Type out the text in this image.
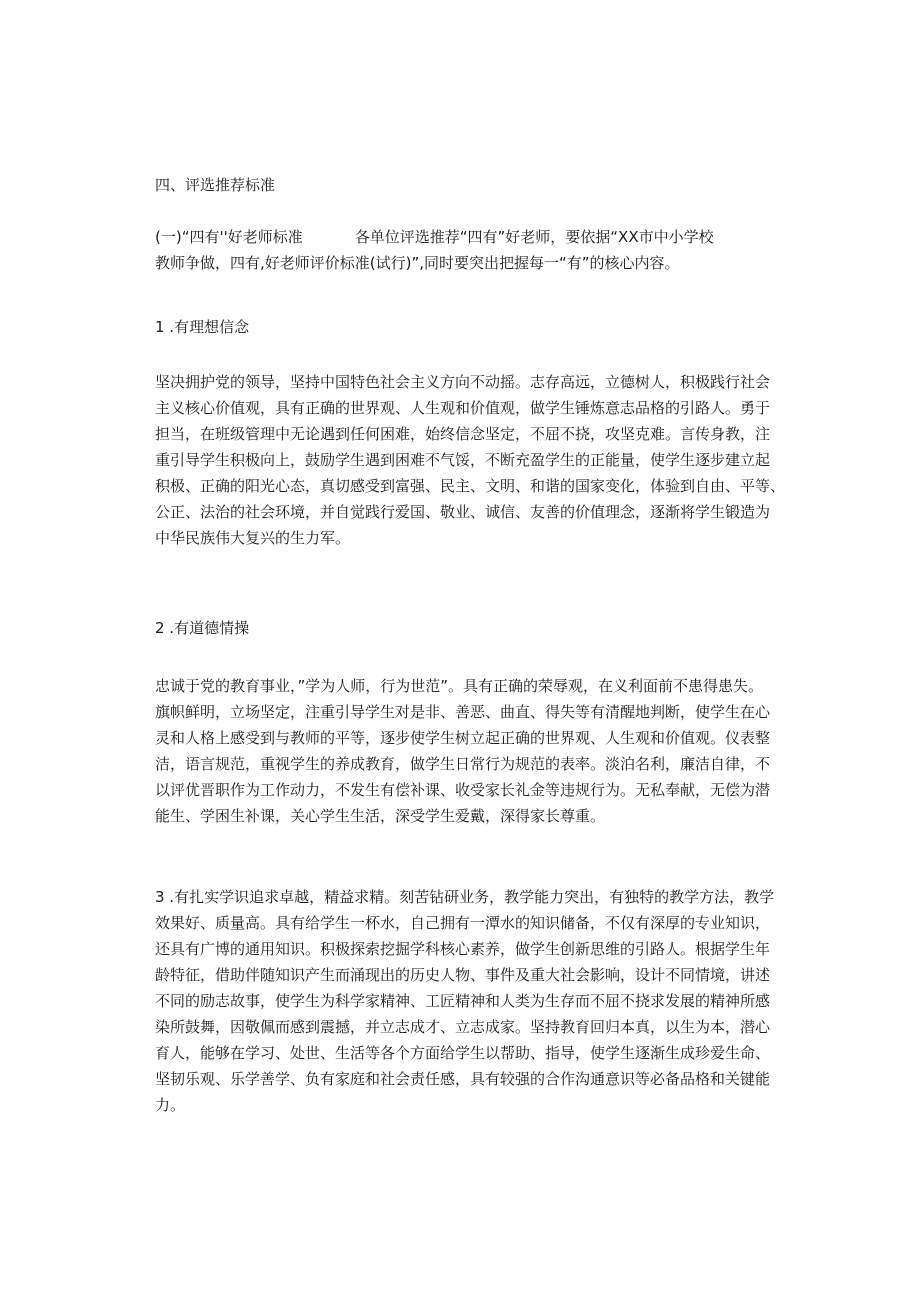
四、评选推荐标准
(一)“四有''好老师标准	各单位评选推荐“四有”好老师，要依据“XX市中小学校
教师争做，四有,好老师评价标准(试行)”,同时要突出把握每一“有”的核心内容。
1 .有理想信念
坚决拥护党的领导，坚持中国特色社会主义方向不动摇。志存高远，立德树人，积极践行社会
主义核心价值观，具有正确的世界观、人生观和价值观，做学生锤炼意志品格的引路人。勇于
担当，在班级管理中无论遇到任何困难，始终信念坚定，不屈不挠，攻坚克难。言传身教，注
重引导学生积极向上，鼓励学生遇到困难不气馁，不断充盈学生的正能量，使学生逐步建立起
积极、正确的阳光心态，真切感受到富强、民主、文明、和谐的国家变化，体验到自由、平等、
公正、法治的社会环境，并自觉践行爱国、敬业、诚信、友善的价值理念，逐渐将学生锻造为
中华民族伟大复兴的生力军。
2 .有道德情操
忠诚于党的教育事业，”学为人师，行为世范”。具有正确的荣辱观，在义利面前不患得患失。
旗帜鲜明，立场坚定，注重引导学生对是非、善恶、曲直、得失等有清醒地判断，使学生在心
灵和人格上感受到与教师的平等，逐步使学生树立起正确的世界观、人生观和价值观。仪表整
洁，语言规范，重视学生的养成教育，做学生日常行为规范的表率。淡泊名利，廉洁自律，不
以评优晋职作为工作动力，不发生有偿补课、收受家长礼金等违规行为。无私奉献，无偿为潜
能生、学困生补课，关心学生生活，深受学生爱戴，深得家长尊重。
3 .有扎实学识追求卓越，精益求精。刻苦钻研业务，教学能力突出，有独特的教学方法，教学
效果好、质量高。具有给学生一杯水，自己拥有一潭水的知识储备，不仅有深厚的专业知识，
还具有广博的通用知识。积极探索挖掘学科核心素养，做学生创新思维的引路人。根据学生年
龄特征，借助伴随知识产生而涌现出的历史人物、事件及重大社会影响，设计不同情境，讲述
不同的励志故事，使学生为科学家精神、工匠精神和人类为生存而不屈不挠求发展的精神所感
染所鼓舞，因敬佩而感到震撼，并立志成才、立志成家。坚持教育回归本真，以生为本，潜心
育人，能够在学习、处世、生活等各个方面给学生以帮助、指导，使学生逐渐生成珍爱生命、
坚韧乐观、乐学善学、负有家庭和社会责任感，具有较强的合作沟通意识等必备品格和关键能
力。
